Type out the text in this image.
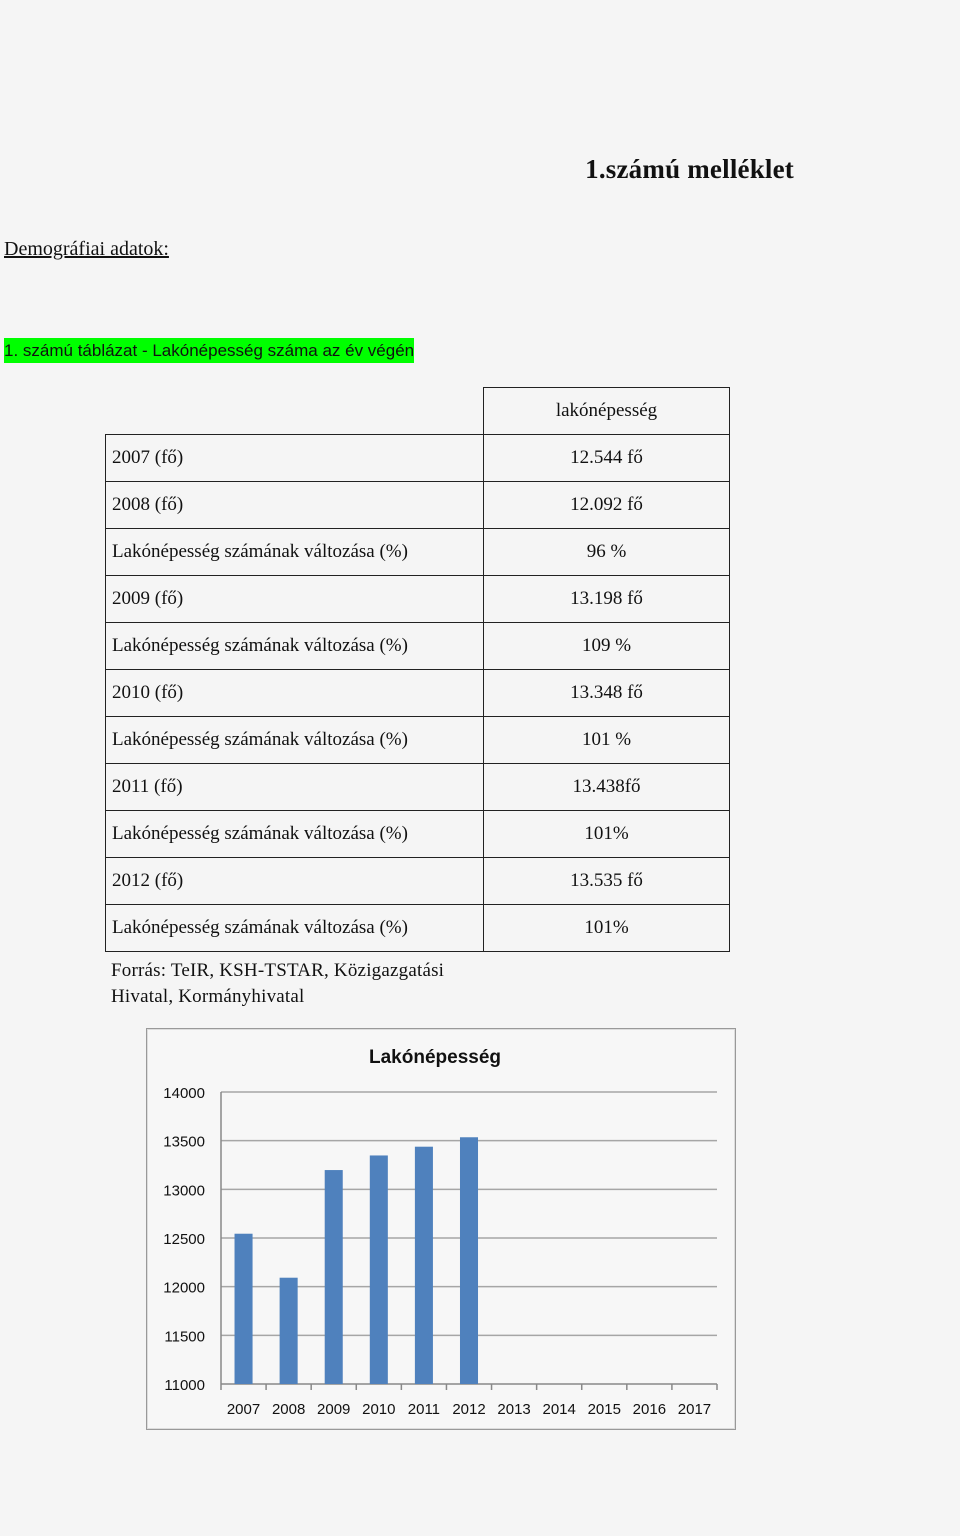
1.számú melléklet
Demográfiai adatok:
1. számú táblázat - Lakónépesség száma az év végén
	lakónépesség
2007 (fő)	12.544 fő
2008 (fő)	12.092 fő
Lakónépesség számának változása (%)	96 %
2009 (fő)	13.198 fő
Lakónépesség számának változása (%)	109 %
2010 (fő)	13.348 fő
Lakónépesség számának változása (%)	101 %
2011 (fő)	13.438fő
Lakónépesség számának változása (%)	101%
2012 (fő)	13.535 fő
Lakónépesség számának változása (%)	101%
Forrás: TeIR, KSH-TSTAR, Közigazgatási Hivatal, Kormányhivatal
Lakónépesség
14000
13500
13000
12500
12000
11500
11000
2007 2008 2009 2010 2011 2012 2013 2014 2015 2016 2017
